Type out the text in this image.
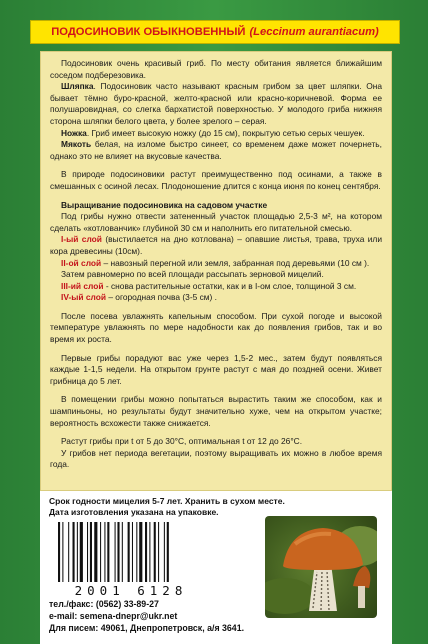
ПОДОСИНОВИК ОБЫКНОВЕННЫЙ (Leccinum aurantiacum)

Подосиновик очень красивый гриб. По месту обитания является ближайшим соседом подберезовика.

Шляпка. Подосиновик часто называют красным грибом за цвет шляпки. Она бывает тёмно буро-красной, желто-красной или красно-коричневой. Форма ее полушаровидная, со слегка бархатистой поверхностью. У молодого гриба нижняя сторона шляпки белого цвета, у более зрелого – серая.

Ножка. Гриб имеет высокую ножку (до 15 см), покрытую сетью серых чешуек.

Мякоть белая, на изломе быстро синеет, со временем даже может почернеть, однако это не влияет на вкусовые качества.

В природе подосиновики растут преимущественно под осинами, а также в смешанных с осиной лесах. Плодоношение длится с конца июня по конец сентября.

Выращивание подосиновика на садовом участке

Под грибы нужно отвести затененный участок площадью 2,5-3 м², на котором сделать «котлованчик» глубиной 30 см и наполнить его питательной смесью.

I-ый слой (выстилается на дно котлована) – опавшие листья, трава, труха или кора древесины (10см).

II-ой слой – навозный перегной или земля, забранная под деревьями (10 см ).

Затем равномерно по всей площади рассыпать зерновой мицелий.

III-ий слой - снова растительные остатки, как и в I-ом слое, толщиной 3 см.

IV-ый слой – огородная почва (3-5 см) .

После посева увлажнять капельным способом. При сухой погоде и высокой температуре увлажнять по мере надобности как до появления грибов, так и во время их роста.

Первые грибы порадуют вас уже через 1,5-2 мес., затем будут появляться каждые 1-1,5 недели. На открытом грунте растут с мая до поздней осени. Живет грибница до 5 лет.

В помещении грибы можно попытаться вырастить таким же способом, как и шампиньоны, но результаты будут значительно хуже, чем на открытом участке; вероятность всхожести также снижается.

Растут грибы при t от 5 до 30°С, оптимальная t от 12 до 26°С.

У грибов нет периода вегетации, поэтому выращивать их можно в любое время года.

Срок годности мицелия 5-7 лет. Хранить в сухом месте.
Дата изготовления указана на упаковке.
2001 6128
тел./факс: (0562) 33-89-27
e-mail: semena-dnepr@ukr.net
Для писем: 49061, Днепропетровск, а/я 3641.
